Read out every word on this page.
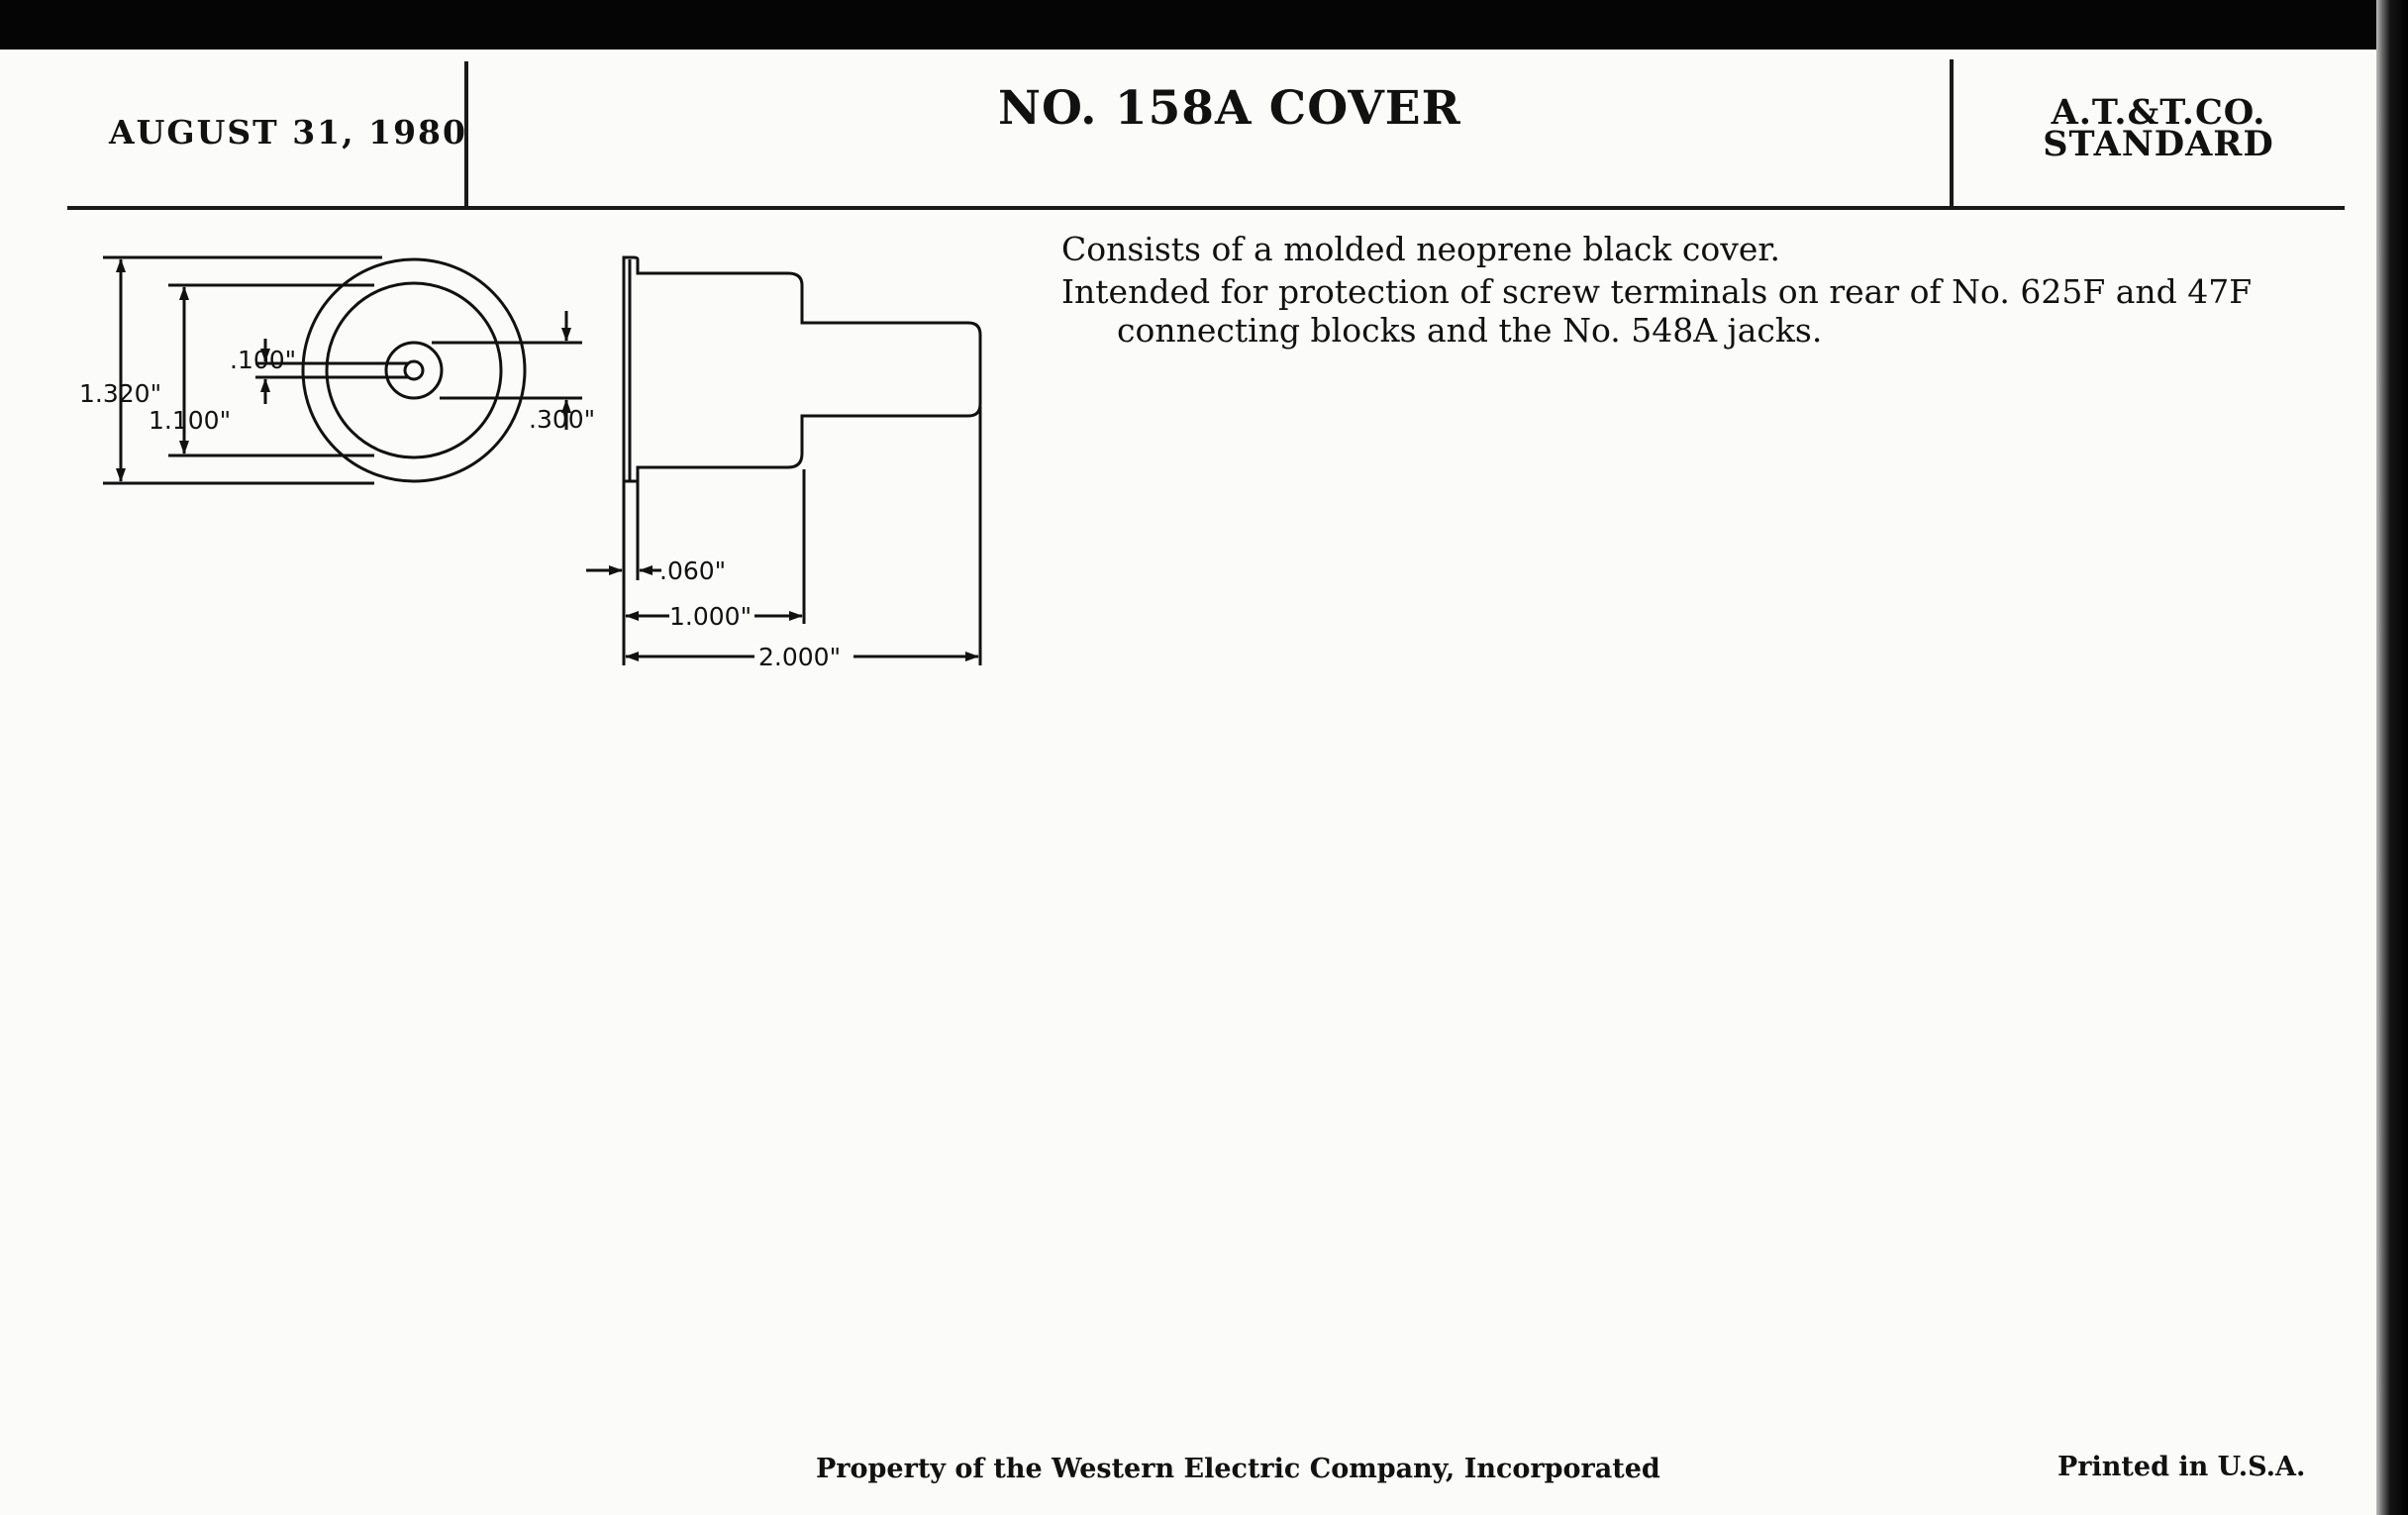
AUGUST 31, 1980	NO. 158A COVER	A.T.&T.CO.
STANDARD
1.320"
1.100"
.100"
.300"
.060"
1.000"
2.000"

Consists of a molded neoprene black cover.

Intended for protection of screw terminals on rear of No. 625F and 47F connecting blocks and the No. 548A jacks.

Property of the Western Electric Company, Incorporated	Printed in U.S.A.
